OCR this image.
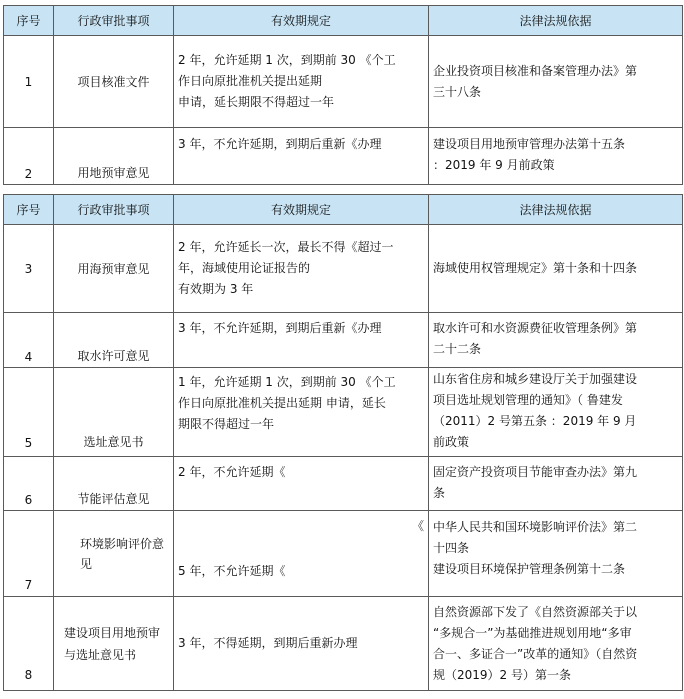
序号	行政审批事项	有效期规定	法律法规依据
1	项目核准文件	2 年，允许延期 1 次，到期前 30 《个工
作日向原批准机关提出延期
申请，延长期限不得超过一年	企业投资项目核准和备案管理办法》第
三十八条

2	用地预审意见	3 年，不允许延期，到期后重新《办理	建设项目用地预审管理办法第十五条
：2019 年 9 月前政策
序号	行政审批事项	有效期规定	法律法规依据
3	用海预审意见	2 年，允许延长一次，最长不得《超过一
年，海域使用论证报告的
有效期为 3 年	海域使用权管理规定》第十条和十四条

4	取水许可意见	3 年，不允许延期，到期后重新《办理	取水许可和水资源费征收管理条例》第
二十二条

5	选址意见书	1 年，允许延期 1 次，到期前 30 《个工
作日向原批准机关提出延期 申请，延长
期限不得超过一年	山东省住房和城乡建设厅关于加强建设
项目选址规划管理的通知》（ 鲁建发
（2011）2 号第五条 ：2019 年 9 月
前政策

6	节能评估意见	2 年，不允许延期《	固定资产投资项目节能审查办法》第九
条

7	环境影响评价意见	《
5 年，不允许延期《	中华人民共和国环境影响评价法》第二
十四条
建设项目环境保护管理条例第十二条

8	建设项目用地预审与选址意见书	3 年，不得延期，到期后重新办理	自然资源部下发了《自然资源部关于以
“多规合一”为基础推进规划用地“多审
合一、多证合一”改革的通知》（自然资
规（2019）2 号）第一条
